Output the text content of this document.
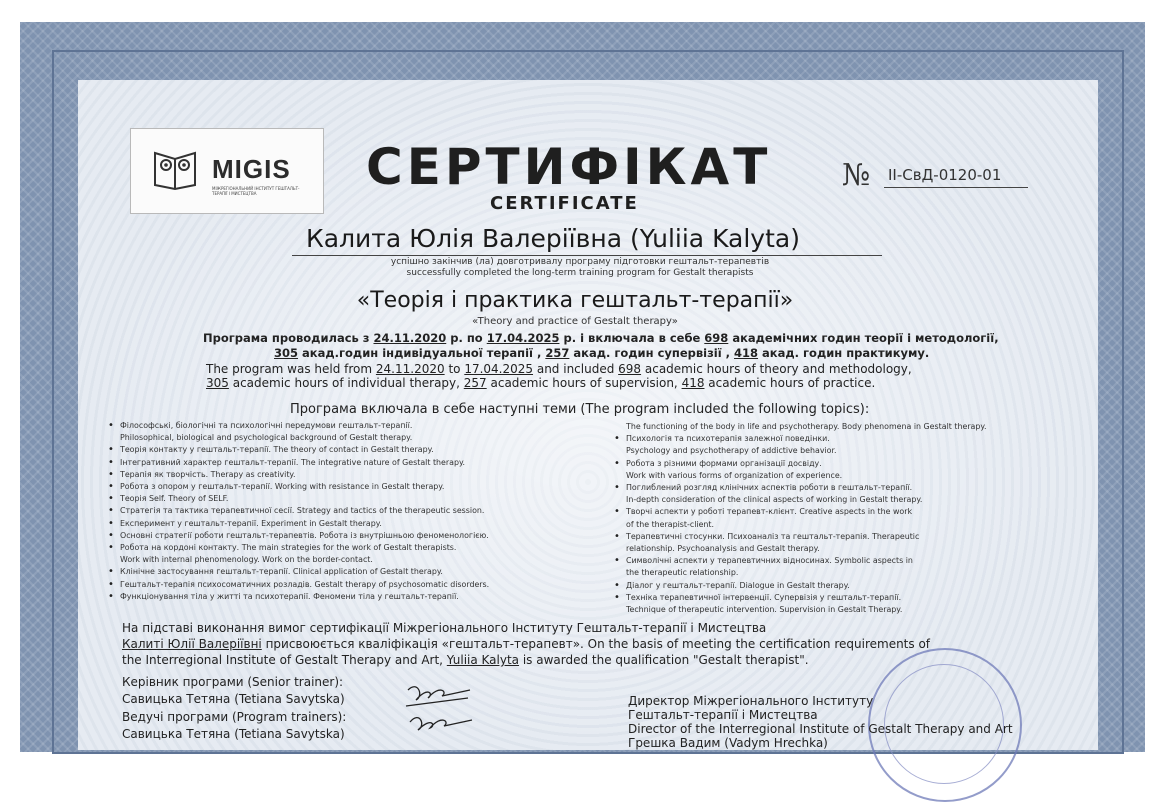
MIGIS
МІЖРЕГІОНАЛЬНИЙ ІНСТИТУТ ГЕШТАЛЬТ-ТЕРАПІЇ І МИСТЕЦТВА	СЕРТИФІКАТ
CERTIFICATE
№ II-СвД-0120-01
Калита Юлія Валеріївна (Yuliia Kalyta)
успішно закінчив (ла) довготривалу програму підготовки гештальт-терапевтів
successfully completed the long-term training program for Gestalt therapists
«Теорія і практика гештальт-терапії»
«Theory and practice of Gestalt therapy»
Програма проводилась з 24.11.2020 р. по 17.04.2025 р. і включала в себе 698 академічних годин теорії і методології,
305 акад.годин індивідуальної терапії , 257 акад. годин супервізії , 418 акад. годин практикуму.
The program was held from 24.11.2020 to 17.04.2025 and included 698 academic hours of theory and methodology,
305 academic hours of individual therapy, 257 academic hours of supervision, 418 academic hours of practice.
Програма включала в себе наступні теми (The program included the following topics):
• Філософські, біологічні та психологічні передумови гештальт-терапії.
Philosophical, biological and psychological background of Gestalt therapy.
• Теорія контакту у гештальт-терапії. The theory of contact in Gestalt therapy.
• Інтегративний характер гештальт-терапії. The integrative nature of Gestalt therapy.
• Терапія як творчість. Therapy as creativity.
• Робота з опором у гештальт-терапії. Working with resistance in Gestalt therapy.
• Теорія Self. Theory of SELF.
• Стратегія та тактика терапевтичної сесії. Strategy and tactics of the therapeutic session.
• Експеримент у гештальт-терапії. Experiment in Gestalt therapy.
• Основні стратегії роботи гештальт-терапевтів. Робота із внутрішньою феноменологією.
• Робота на кордоні контакту. The main strategies for the work of Gestalt therapists.
Work with internal phenomenology. Work on the border-contact.
• Клінічне застосування гештальт-терапії. Clinical application of Gestalt therapy.
• Гештальт-терапія психосоматичних розладів. Gestalt therapy of psychosomatic disorders.
• Функціонування тіла у житті та психотерапії. Феномени тіла у гештальт-терапії.
The functioning of the body in life and psychotherapy. Body phenomena in Gestalt therapy.
• Психологія та психотерапія залежної поведінки.
Psychology and psychotherapy of addictive behavior.
• Робота з різними формами організації досвіду.
Work with various forms of organization of experience.
• Поглиблений розгляд клінічних аспектів роботи в гештальт-терапії.
In-depth consideration of the clinical aspects of working in Gestalt therapy.
• Творчі аспекти у роботі терапевт-клієнт. Creative aspects in the work
of the therapist-client.
• Терапевтичні стосунки. Психоаналіз та гештальт-терапія. Therapeutic
relationship. Psychoanalysis and Gestalt therapy.
• Символічні аспекти у терапевтичних відносинах. Symbolic aspects in
the therapeutic relationship.
• Діалог у гештальт-терапії. Dialogue in Gestalt therapy.
• Техніка терапевтичної інтервенції. Супервізія у гештальт-терапії.
Technique of therapeutic intervention. Supervision in Gestalt Therapy.
На підставі виконання вимог сертифікації Міжрегіонального Інституту Гештальт-терапії і Мистецтва
Калиті Юлії Валеріївні присвоюється кваліфікація «гештальт-терапевт». On the basis of meeting the certification requirements of
the Interregional Institute of Gestalt Therapy and Art, Yuliia Kalyta is awarded the qualification "Gestalt therapist".
Керівник програми (Senior trainer):
Савицька Тетяна (Tetiana Savytska)
Ведучі програми (Program trainers):
Савицька Тетяна (Tetiana Savytska)
Директор Міжрегіонального Інституту
Гештальт-терапії і Мистецтва
Director of the Interregional Institute of Gestalt Therapy and Art
Грешка Вадим (Vadym Hrechka)
